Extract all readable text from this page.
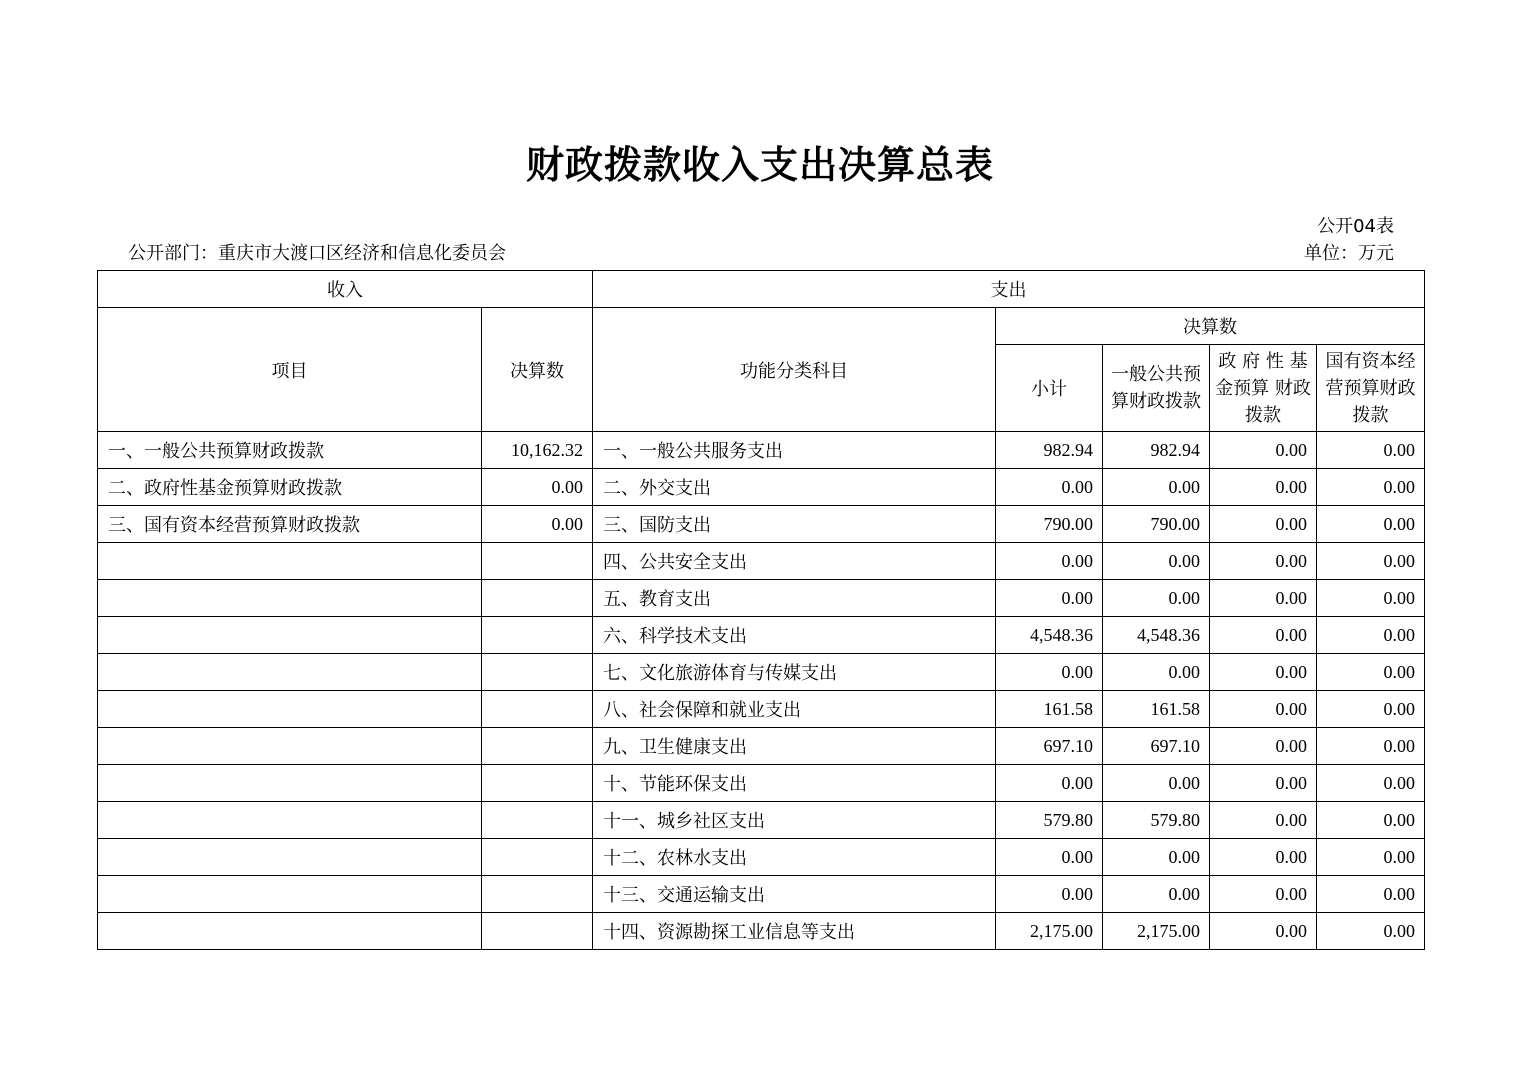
财政拨款收入支出决算总表
公开04表
公开部门：重庆市大渡口区经济和信息化委员会	单位：万元
收入		支出				
项目	决算数	功能分类科目	决算数			
			小计	一般公共预算财政拨款	政 府 性 基金预算 财政拨款	国有资本经营预算财政拨款
一、一般公共预算财政拨款	10,162.32	一、一般公共服务支出	982.94	982.94	0.00	0.00
二、政府性基金预算财政拨款	0.00	二、外交支出	0.00	0.00	0.00	0.00
三、国有资本经营预算财政拨款	0.00	三、国防支出	790.00	790.00	0.00	0.00
		四、公共安全支出	0.00	0.00	0.00	0.00
		五、教育支出	0.00	0.00	0.00	0.00
		六、科学技术支出	4,548.36	4,548.36	0.00	0.00
		七、文化旅游体育与传媒支出	0.00	0.00	0.00	0.00
		八、社会保障和就业支出	161.58	161.58	0.00	0.00
		九、卫生健康支出	697.10	697.10	0.00	0.00
		十、节能环保支出	0.00	0.00	0.00	0.00
		十一、城乡社区支出	579.80	579.80	0.00	0.00
		十二、农林水支出	0.00	0.00	0.00	0.00
		十三、交通运输支出	0.00	0.00	0.00	0.00
		十四、资源勘探工业信息等支出	2,175.00	2,175.00	0.00	0.00
